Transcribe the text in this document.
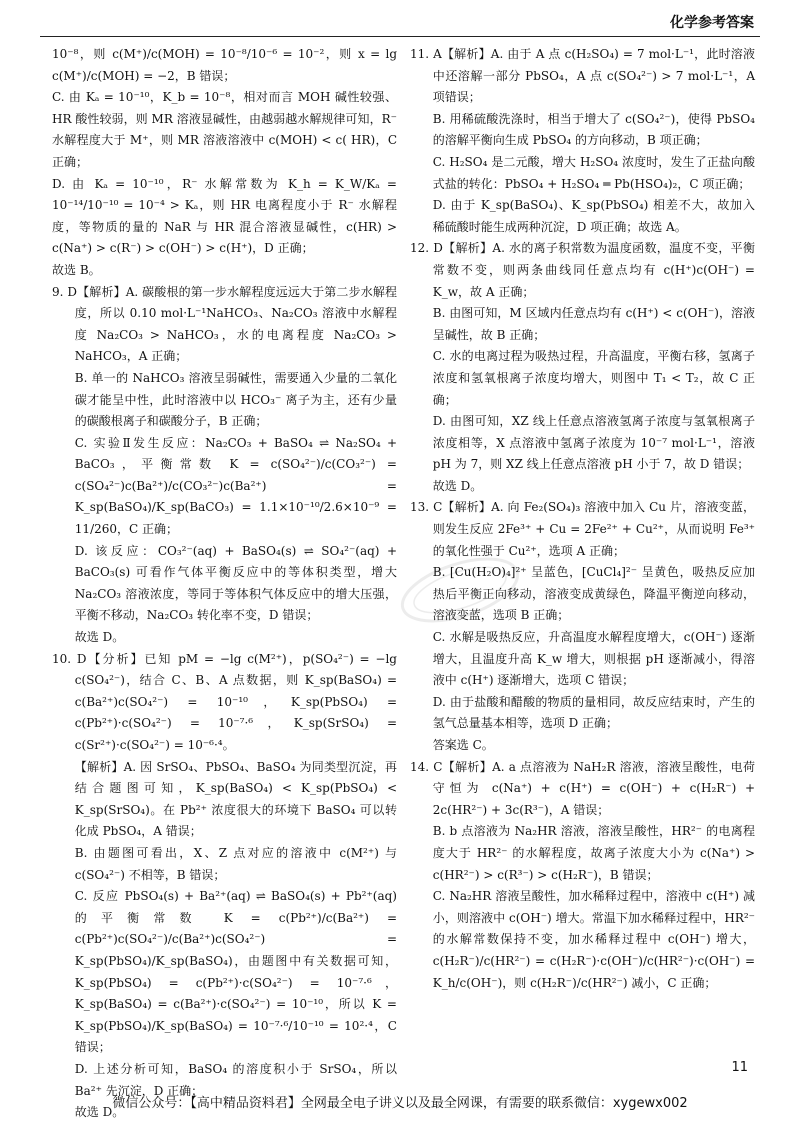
化学参考答案

10⁻⁸，则 c(M⁺)/c(MOH) = 10⁻⁸/10⁻⁶ = 10⁻²，则 x = lg c(M⁺)/c(MOH) = −2，B 错误；

C. 由 Kₐ = 10⁻¹⁰，K_b = 10⁻⁸，相对而言 MOH 碱性较强、HR 酸性较弱，则 MR 溶液显碱性，由越弱越水解规律可知，R⁻ 水解程度大于 M⁺，则 MR 溶液溶液中 c(MOH) < c( HR)，C 正确；

D. 由 Kₐ = 10⁻¹⁰，R⁻ 水解常数为 K_h = K_W/Kₐ = 10⁻¹⁴/10⁻¹⁰ = 10⁻⁴ > Kₐ，则 HR 电离程度小于 R⁻ 水解程度，等物质的量的 NaR 与 HR 混合溶液显碱性，c(HR) > c(Na⁺) > c(R⁻) > c(OH⁻) > c(H⁺)，D 正确；

故选 B。

9. D【解析】A. 碳酸根的第一步水解程度远远大于第二步水解程度，所以 0.10 mol·L⁻¹NaHCO₃、Na₂CO₃ 溶液中水解程度 Na₂CO₃ > NaHCO₃，水的电离程度 Na₂CO₃ > NaHCO₃，A 正确；

B. 单一的 NaHCO₃ 溶液呈弱碱性，需要通入少量的二氧化碳才能呈中性，此时溶液中以 HCO₃⁻ 离子为主，还有少量的碳酸根离子和碳酸分子，B 正确；

C. 实验Ⅱ发生反应：Na₂CO₃ + BaSO₄ ⇌ Na₂SO₄ + BaCO₃，平衡常数 K = c(SO₄²⁻)/c(CO₃²⁻) = c(SO₄²⁻)c(Ba²⁺)/c(CO₃²⁻)c(Ba²⁺) = K_sp(BaSO₄)/K_sp(BaCO₃) = 1.1×10⁻¹⁰/2.6×10⁻⁹ = 11/260，C 正确；

D. 该反应：CO₃²⁻(aq) + BaSO₄(s) ⇌ SO₄²⁻(aq) + BaCO₃(s) 可看作气体平衡反应中的等体积类型，增大 Na₂CO₃ 溶液浓度，等同于等体积气体反应中的增大压强，平衡不移动，Na₂CO₃ 转化率不变，D 错误；

故选 D。

10. D【分析】已知 pM = −lg c(M²⁺)，p(SO₄²⁻) = −lg c(SO₄²⁻)，结合 C、B、A 点数据，则 K_sp(BaSO₄) = c(Ba²⁺)c(SO₄²⁻) = 10⁻¹⁰，K_sp(PbSO₄) = c(Pb²⁺)·c(SO₄²⁻) = 10⁻⁷·⁶，K_sp(SrSO₄) = c(Sr²⁺)·c(SO₄²⁻) = 10⁻⁶·⁴。

【解析】A. 因 SrSO₄、PbSO₄、BaSO₄ 为同类型沉淀，再结合题图可知，K_sp(BaSO₄) < K_sp(PbSO₄) < K_sp(SrSO₄)。在 Pb²⁺ 浓度很大的环境下 BaSO₄ 可以转化成 PbSO₄，A 错误；

B. 由题图可看出，X、Z 点对应的溶液中 c(M²⁺) 与 c(SO₄²⁻) 不相等，B 错误；

C. 反应 PbSO₄(s) + Ba²⁺(aq) ⇌ BaSO₄(s) + Pb²⁺(aq) 的平衡常数 K = c(Pb²⁺)/c(Ba²⁺) = c(Pb²⁺)c(SO₄²⁻)/c(Ba²⁺)c(SO₄²⁻) = K_sp(PbSO₄)/K_sp(BaSO₄)，由题图中有关数据可知，K_sp(PbSO₄) = c(Pb²⁺)·c(SO₄²⁻) = 10⁻⁷·⁶，K_sp(BaSO₄) = c(Ba²⁺)·c(SO₄²⁻) = 10⁻¹⁰，所以 K = K_sp(PbSO₄)/K_sp(BaSO₄) = 10⁻⁷·⁶/10⁻¹⁰ = 10²·⁴，C 错误；

D. 上述分析可知，BaSO₄ 的溶度积小于 SrSO₄，所以 Ba²⁺ 先沉淀，D 正确；

故选 D。

11. A【解析】A. 由于 A 点 c(H₂SO₄) = 7 mol·L⁻¹，此时溶液中还溶解一部分 PbSO₄，A 点 c(SO₄²⁻) > 7 mol·L⁻¹，A 项错误；

B. 用稀硫酸洗涤时，相当于增大了 c(SO₄²⁻)，使得 PbSO₄ 的溶解平衡向生成 PbSO₄ 的方向移动，B 项正确；

C. H₂SO₄ 是二元酸，增大 H₂SO₄ 浓度时，发生了正盐向酸式盐的转化：PbSO₄ + H₂SO₄ ═ Pb(HSO₄)₂，C 项正确；

D. 由于 K_sp(BaSO₄)、K_sp(PbSO₄) 相差不大，故加入稀硫酸时能生成两种沉淀，D 项正确；故选 A。

12. D【解析】A. 水的离子积常数为温度函数，温度不变，平衡常数不变，则两条曲线同任意点均有 c(H⁺)c(OH⁻) = K_w，故 A 正确；

B. 由图可知，M 区域内任意点均有 c(H⁺) < c(OH⁻)，溶液呈碱性，故 B 正确；

C. 水的电离过程为吸热过程，升高温度，平衡右移，氢离子浓度和氢氧根离子浓度均增大，则图中 T₁ < T₂，故 C 正确；

D. 由图可知，XZ 线上任意点溶液氢离子浓度与氢氧根离子浓度相等，X 点溶液中氢离子浓度为 10⁻⁷ mol·L⁻¹，溶液 pH 为 7，则 XZ 线上任意点溶液 pH 小于 7，故 D 错误；

故选 D。

13. C【解析】A. 向 Fe₂(SO₄)₃ 溶液中加入 Cu 片，溶液变蓝，则发生反应 2Fe³⁺ + Cu = 2Fe²⁺ + Cu²⁺，从而说明 Fe³⁺ 的氧化性强于 Cu²⁺，选项 A 正确；

B. [Cu(H₂O)₄]²⁺ 呈蓝色，[CuCl₄]²⁻ 呈黄色，吸热反应加热后平衡正向移动，溶液变成黄绿色，降温平衡逆向移动，溶液变蓝，选项 B 正确；

C. 水解是吸热反应，升高温度水解程度增大，c(OH⁻) 逐渐增大，且温度升高 K_w 增大，则根据 pH 逐渐减小，得溶液中 c(H⁺) 逐渐增大，选项 C 错误；

D. 由于盐酸和醋酸的物质的量相同，故反应结束时，产生的氢气总量基本相等，选项 D 正确；

答案选 C。

14. C【解析】A. a 点溶液为 NaH₂R 溶液，溶液呈酸性，电荷守恒为 c(Na⁺) + c(H⁺) = c(OH⁻) + c(H₂R⁻) + 2c(HR²⁻) + 3c(R³⁻)，A 错误；

B. b 点溶液为 Na₂HR 溶液，溶液呈酸性，HR²⁻ 的电离程度大于 HR²⁻ 的水解程度，故离子浓度大小为 c(Na⁺) > c(HR²⁻) > c(R³⁻) > c(H₂R⁻)，B 错误；

C. Na₂HR 溶液呈酸性，加水稀释过程中，溶液中 c(H⁺) 减小，则溶液中 c(OH⁻) 增大。常温下加水稀释过程中，HR²⁻ 的水解常数保持不变，加水稀释过程中 c(OH⁻) 增大，c(H₂R⁻)/c(HR²⁻) = c(H₂R⁻)·c(OH⁻)/c(HR²⁻)·c(OH⁻) = K_h/c(OH⁻)，则 c(H₂R⁻)/c(HR²⁻) 减小，C 正确；

11
微信公众号：【高中精品资料君】全网最全电子讲义以及最全网课，有需要的联系微信：xygewx002
